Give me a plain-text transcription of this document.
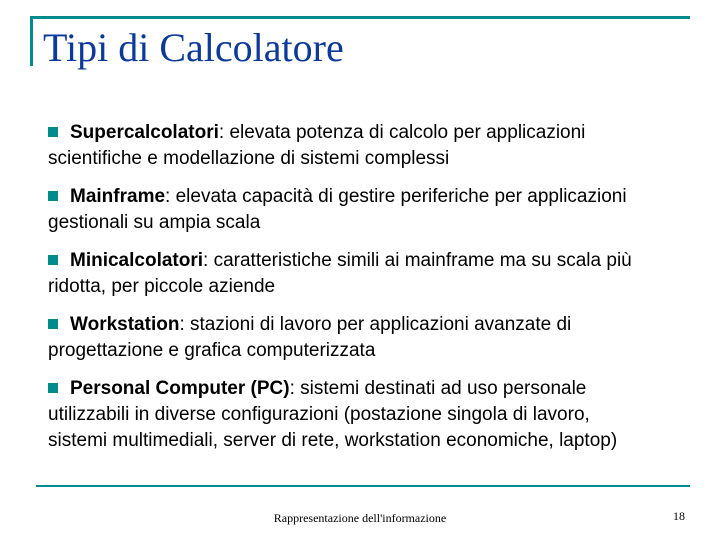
Tipi di Calcolatore
Supercalcolatori: elevata potenza di calcolo per applicazioni scientifiche e modellazione di sistemi complessi
Mainframe: elevata capacità di gestire periferiche per applicazioni gestionali su ampia scala
Minicalcolatori: caratteristiche simili ai mainframe ma su scala più ridotta, per piccole aziende
Workstation: stazioni di lavoro per applicazioni avanzate di progettazione e grafica computerizzata
Personal Computer (PC): sistemi destinati ad uso personale utilizzabili in diverse configurazioni (postazione singola di lavoro, sistemi multimediali, server di rete, workstation economiche, laptop)
Rappresentazione dell'informazione	18
